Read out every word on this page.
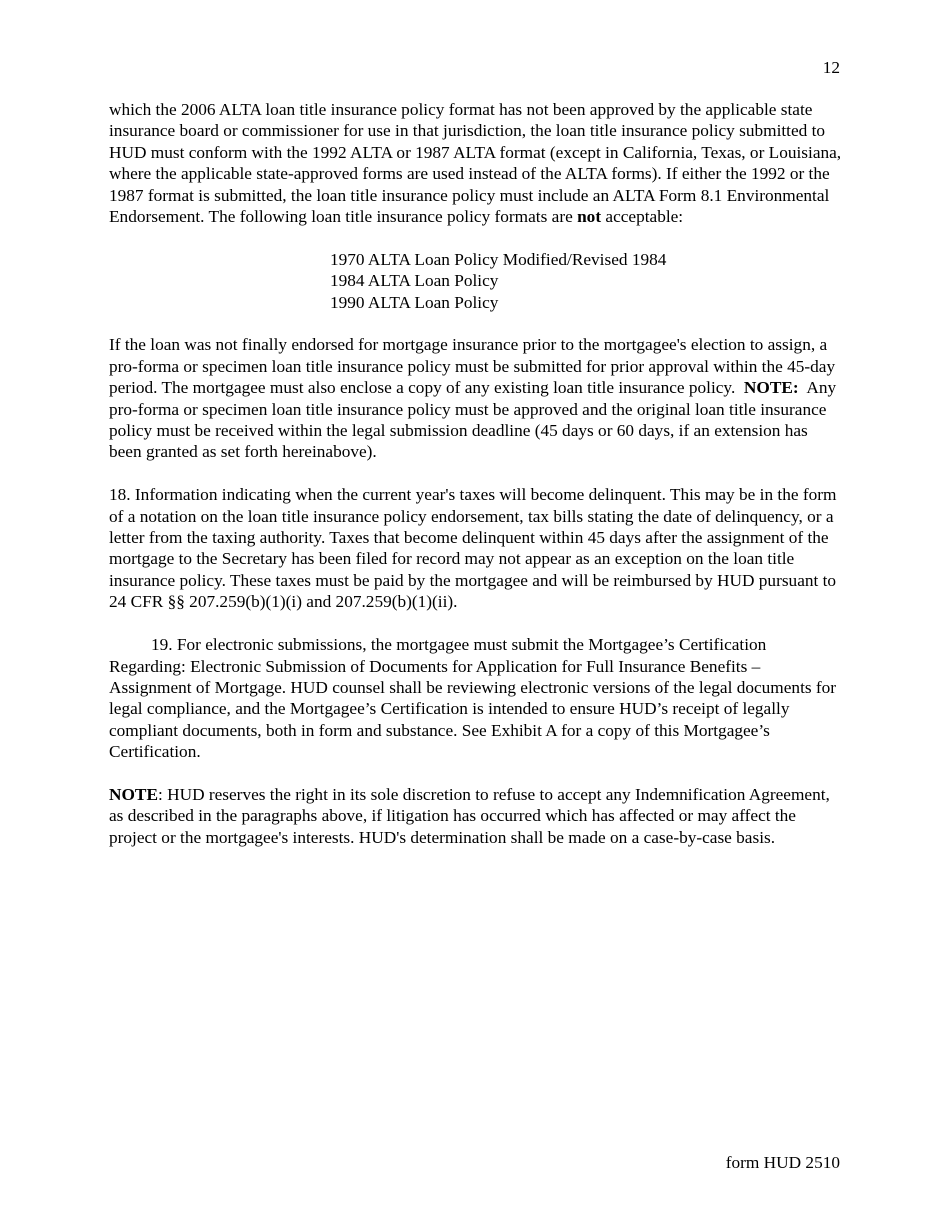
12

which the 2006 ALTA loan title insurance policy format has not been approved by the applicable state insurance board or commissioner for use in that jurisdiction, the loan title insurance policy submitted to HUD must conform with the 1992 ALTA or 1987 ALTA format (except in California, Texas, or Louisiana, where the applicable state-approved forms are used instead of the ALTA forms). If either the 1992 or the 1987 format is submitted, the loan title insurance policy must include an ALTA Form 8.1 Environmental Endorsement. The following loan title insurance policy formats are not acceptable:

1970 ALTA Loan Policy Modified/Revised 1984
1984 ALTA Loan Policy
1990 ALTA Loan Policy

If the loan was not finally endorsed for mortgage insurance prior to the mortgagee's election to assign, a pro-forma or specimen loan title insurance policy must be submitted for prior approval within the 45-day period. The mortgagee must also enclose a copy of any existing loan title insurance policy.  NOTE:  Any pro-forma or specimen loan title insurance policy must be approved and the original loan title insurance policy must be received within the legal submission deadline (45 days or 60 days, if an extension has been granted as set forth hereinabove).

18. Information indicating when the current year's taxes will become delinquent. This may be in the form of a notation on the loan title insurance policy endorsement, tax bills stating the date of delinquency, or a letter from the taxing authority. Taxes that become delinquent within 45 days after the assignment of the mortgage to the Secretary has been filed for record may not appear as an exception on the loan title insurance policy. These taxes must be paid by the mortgagee and will be reimbursed by HUD pursuant to 24 CFR §§ 207.259(b)(1)(i) and 207.259(b)(1)(ii).

19. For electronic submissions, the mortgagee must submit the Mortgagee’s Certification Regarding: Electronic Submission of Documents for Application for Full Insurance Benefits – Assignment of Mortgage. HUD counsel shall be reviewing electronic versions of the legal documents for legal compliance, and the Mortgagee’s Certification is intended to ensure HUD’s receipt of legally compliant documents, both in form and substance. See Exhibit A for a copy of this Mortgagee’s Certification.

NOTE: HUD reserves the right in its sole discretion to refuse to accept any Indemnification Agreement, as described in the paragraphs above, if litigation has occurred which has affected or may affect the project or the mortgagee's interests. HUD's determination shall be made on a case-by-case basis.

form HUD 2510
